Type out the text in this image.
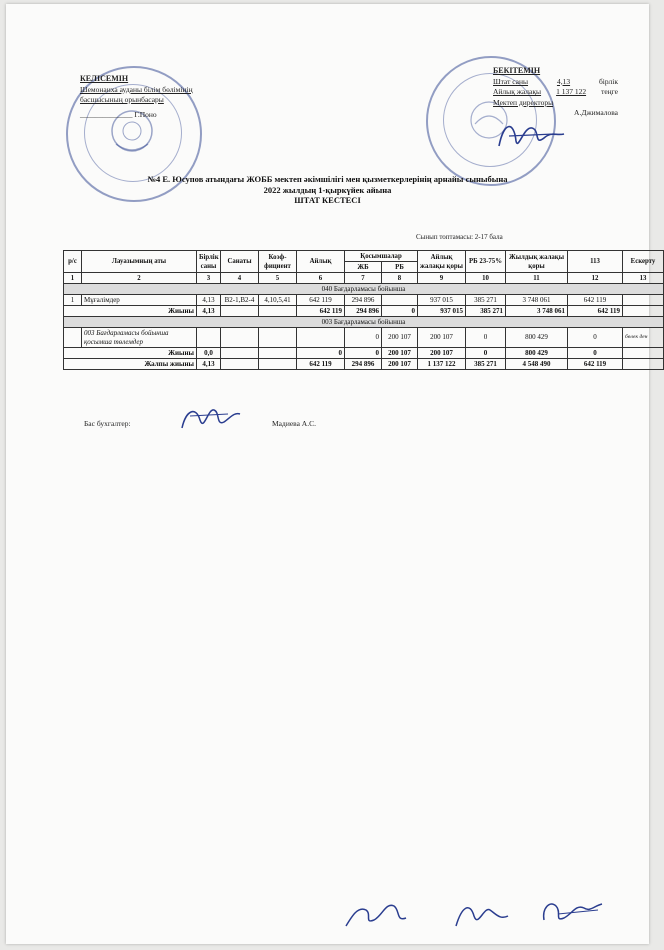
КЕЛІСЕМІН
Шемонаиха ауданы білім бөлімінің
басшысының орынбасары
______________ Г.Поно
БЕКІТЕМІН
Штат саны	4,13	бірлік
Айлық жалақы 1 137 122 теңге
Мектеп директоры
А.Джималова
№4 Е. Юсупов атындағы ЖОББ мектеп әкімшілігі мен қызметкерлерінің арнайы сыныбына
2022 жылдың 1-қыркүйек айына
ШТАТ КЕСТЕСІ
Сынып топтамасы: 2-17 бала
р/с	Лауазымның аты	Бірлік саны	Санаты	Коэф-фициент	Айлық	Қосымшалар		Айлық жалақы қоры	РБ 23-75%	Жылдық жалақы қоры	113	Ескерту
						ЖБ	РБ					
1	2	3	4	5	6	7	8	9	10	11	12	13
040 Бағдарламасы бойынша												
1	Мұғалімдер	4,13	B2-1,B2-4	4,10,5,41	642 119	294 896		937 015	385 271	3 748 061	642 119	
Жиыны		4,13			642 119	294 896	0	937 015	385 271	3 748 061	642 119	
003 Бағдарламасы бойынша												
	003 Бағдарламасы бойынша қосымша төлемдер					0	200 107	200 107	0	800 429	0	бөлек ден
Жиыны		0,0			0	0	200 107	200 107	0	800 429	0	
Жалпы жиыны		4,13			642 119	294 896	200 107	1 137 122	385 271	4 548 490	642 119	
Бас бухгалтер:	Мадиева А.С.
